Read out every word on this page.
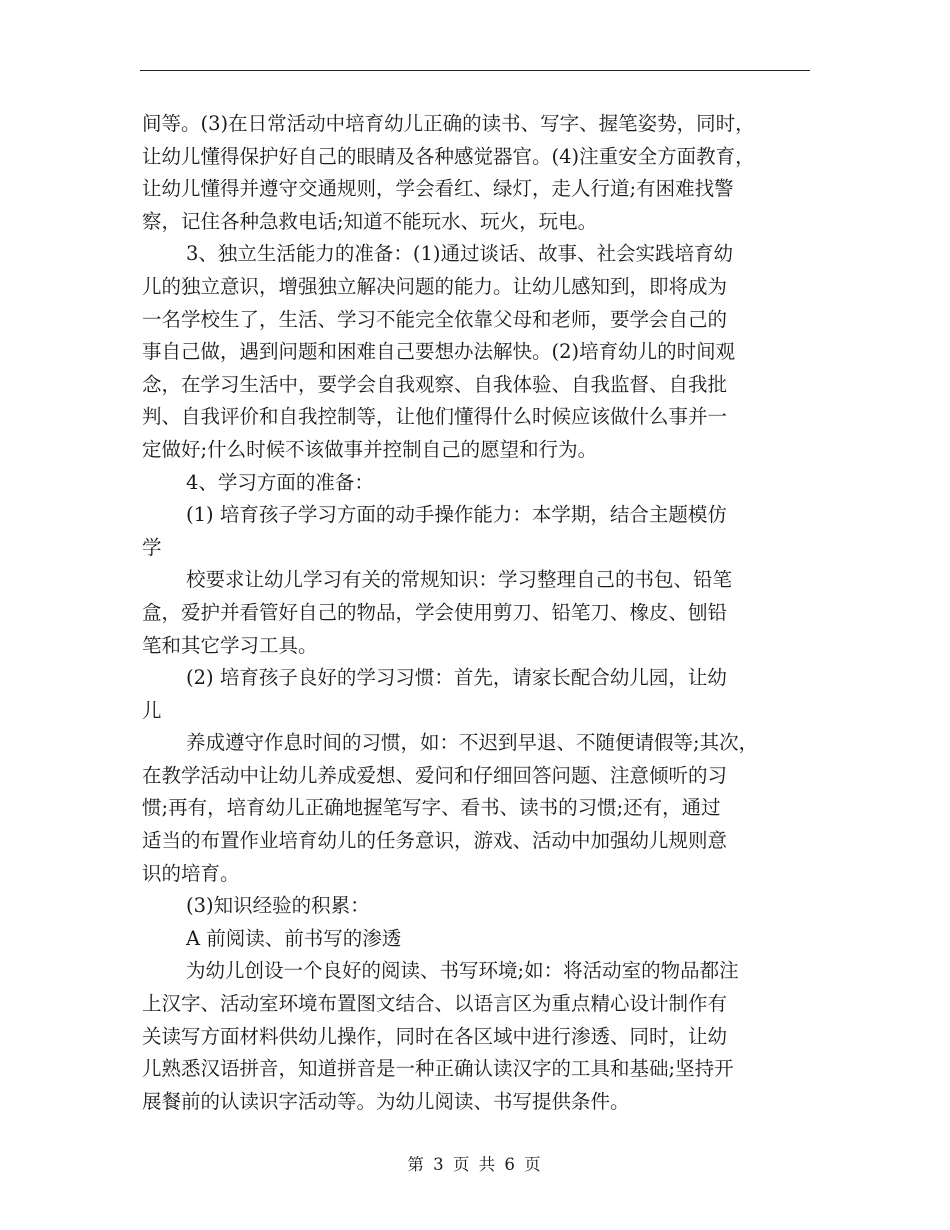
间等。(3)在日常活动中培育幼儿正确的读书、写字、握笔姿势，同时，
让幼儿懂得保护好自己的眼睛及各种感觉器官。(4)注重安全方面教育，
让幼儿懂得并遵守交通规则，学会看红、绿灯，走人行道;有困难找警
察，记住各种急救电话;知道不能玩水、玩火，玩电。
3、独立生活能力的准备：(1)通过谈话、故事、社会实践培育幼
儿的独立意识，增强独立解决问题的能力。让幼儿感知到，即将成为
一名学校生了，生活、学习不能完全依靠父母和老师，要学会自己的
事自己做，遇到问题和困难自己要想办法解快。(2)培育幼儿的时间观
念，在学习生活中，要学会自我观察、自我体验、自我监督、自我批
判、自我评价和自我控制等，让他们懂得什么时候应该做什么事并一
定做好;什么时候不该做事并控制自己的愿望和行为。
4、学习方面的准备：
(1) 培育孩子学习方面的动手操作能力：本学期，结合主题模仿
学
校要求让幼儿学习有关的常规知识：学习整理自己的书包、铅笔
盒，爱护并看管好自己的物品，学会使用剪刀、铅笔刀、橡皮、刨铅
笔和其它学习工具。
(2) 培育孩子良好的学习习惯：首先，请家长配合幼儿园，让幼
儿
养成遵守作息时间的习惯，如：不迟到早退、不随便请假等;其次，
在教学活动中让幼儿养成爱想、爱问和仔细回答问题、注意倾听的习
惯;再有，培育幼儿正确地握笔写字、看书、读书的习惯;还有，通过
适当的布置作业培育幼儿的任务意识，游戏、活动中加强幼儿规则意
识的培育。
(3)知识经验的积累：
A 前阅读、前书写的渗透
为幼儿创设一个良好的阅读、书写环境;如：将活动室的物品都注
上汉字、活动室环境布置图文结合、以语言区为重点精心设计制作有
关读写方面材料供幼儿操作，同时在各区域中进行渗透、同时，让幼
儿熟悉汉语拼音，知道拼音是一种正确认读汉字的工具和基础;坚持开
展餐前的认读识字活动等。为幼儿阅读、书写提供条件。
第 3 页 共 6 页
